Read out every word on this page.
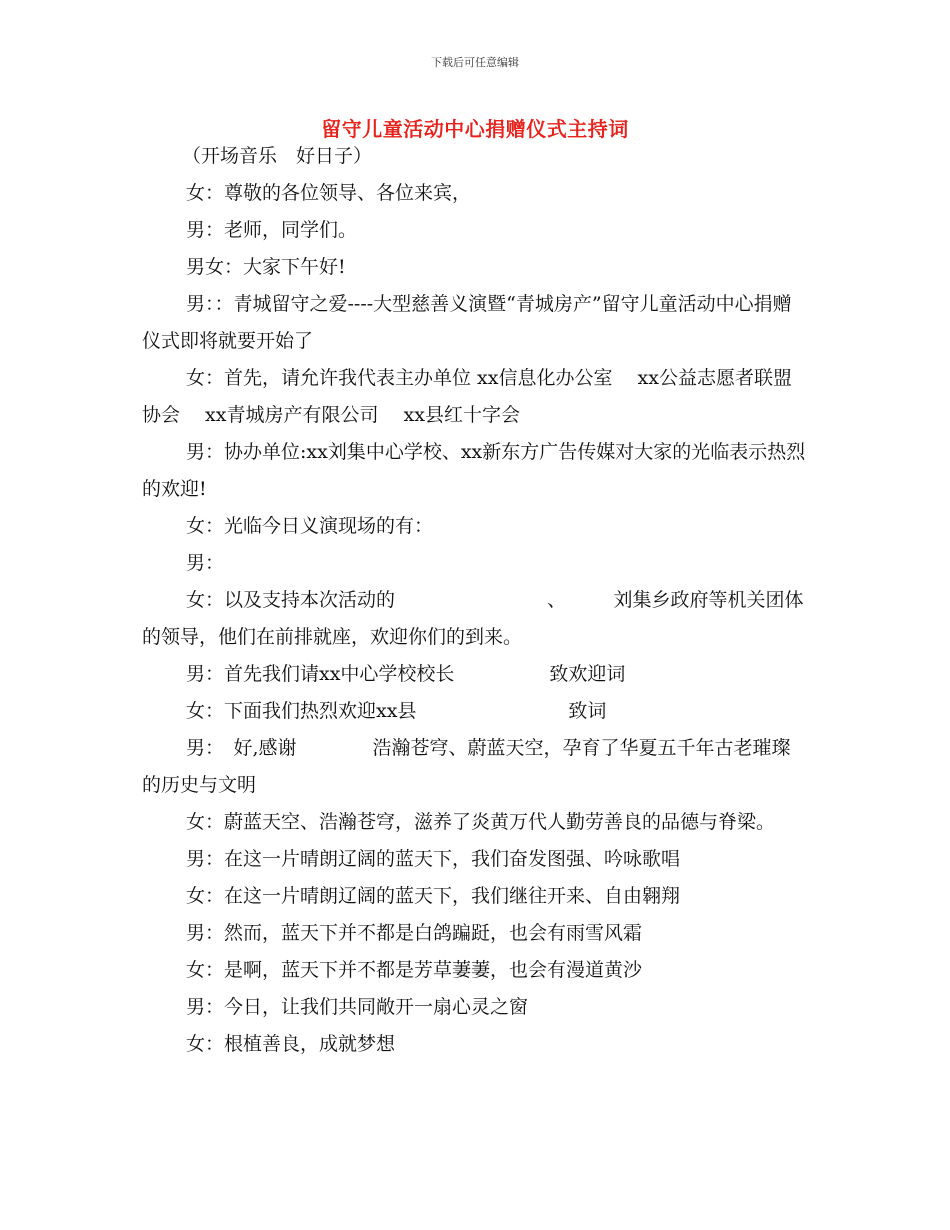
下载后可任意编辑
留守儿童活动中心捐赠仪式主持词

（开场音乐　好日子）

女：尊敬的各位领导、各位来宾，

男：老师，同学们。

男女：大家下午好!

男：：青城留守之爱----大型慈善义演暨“青城房产”留守儿童活动中心捐赠仪式即将就要开始了

女：首先，请允许我代表主办单位 xx信息化办公室　 xx公益志愿者联盟协会　 xx青城房产有限公司　 xx县红十字会

男：协办单位:xx刘集中心学校、xx新东方广告传媒对大家的光临表示热烈的欢迎!

女：光临今日义演现场的有：

男：

女：以及支持本次活动的　　　　　　　　、　　　刘集乡政府等机关团体的领导，他们在前排就座，欢迎你们的到来。

男：首先我们请xx中心学校校长　　　　　致欢迎词

女：下面我们热烈欢迎xx县　　　　　　　　致词

男：　好,感谢　　　　浩瀚苍穹、蔚蓝天空，孕育了华夏五千年古老璀璨的历史与文明

女：蔚蓝天空、浩瀚苍穹，滋养了炎黄万代人勤劳善良的品德与脊梁。

男：在这一片晴朗辽阔的蓝天下，我们奋发图强、吟咏歌唱

女：在这一片晴朗辽阔的蓝天下，我们继往开来、自由翱翔

男：然而，蓝天下并不都是白鸽蹁跹，也会有雨雪风霜

女：是啊，蓝天下并不都是芳草萋萋，也会有漫道黄沙

男：今日，让我们共同敞开一扇心灵之窗

女：根植善良，成就梦想
